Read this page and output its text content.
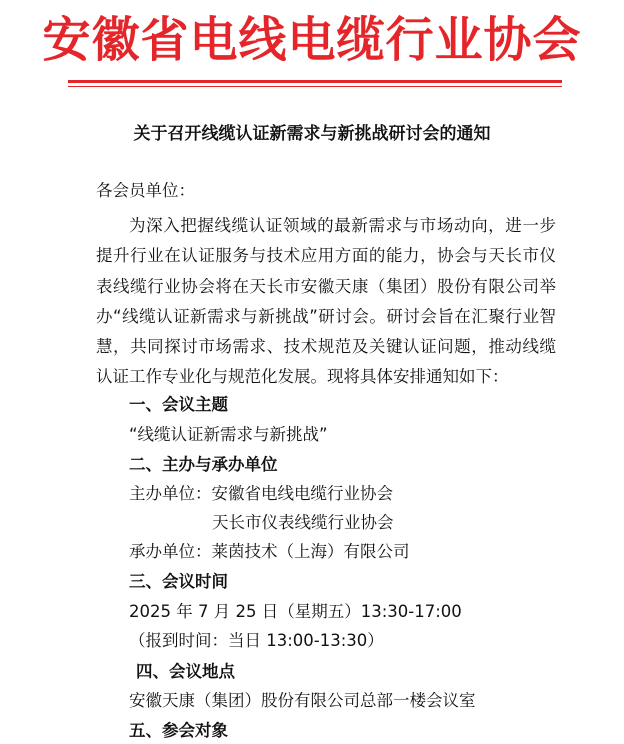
安徽省电线电缆行业协会
关于召开线缆认证新需求与新挑战研讨会的通知
各会员单位：
为深入把握线缆认证领域的最新需求与市场动向，进一步提升行业在认证服务与技术应用方面的能力，协会与天长市仪表线缆行业协会将在天长市安徽天康（集团）股份有限公司举办“线缆认证新需求与新挑战”研讨会。研讨会旨在汇聚行业智慧，共同探讨市场需求、技术规范及关键认证问题，推动线缆认证工作专业化与规范化发展。现将具体安排通知如下：
一、会议主题
“线缆认证新需求与新挑战”
二、主办与承办单位
主办单位：安徽省电线电缆行业协会
天长市仪表线缆行业协会
承办单位：莱茵技术（上海）有限公司
三、会议时间
2025 年 7 月 25 日（星期五）13:30-17:00
（报到时间：当日 13:00-13:30）
四、会议地点
安徽天康（集团）股份有限公司总部一楼会议室
五、参会对象
